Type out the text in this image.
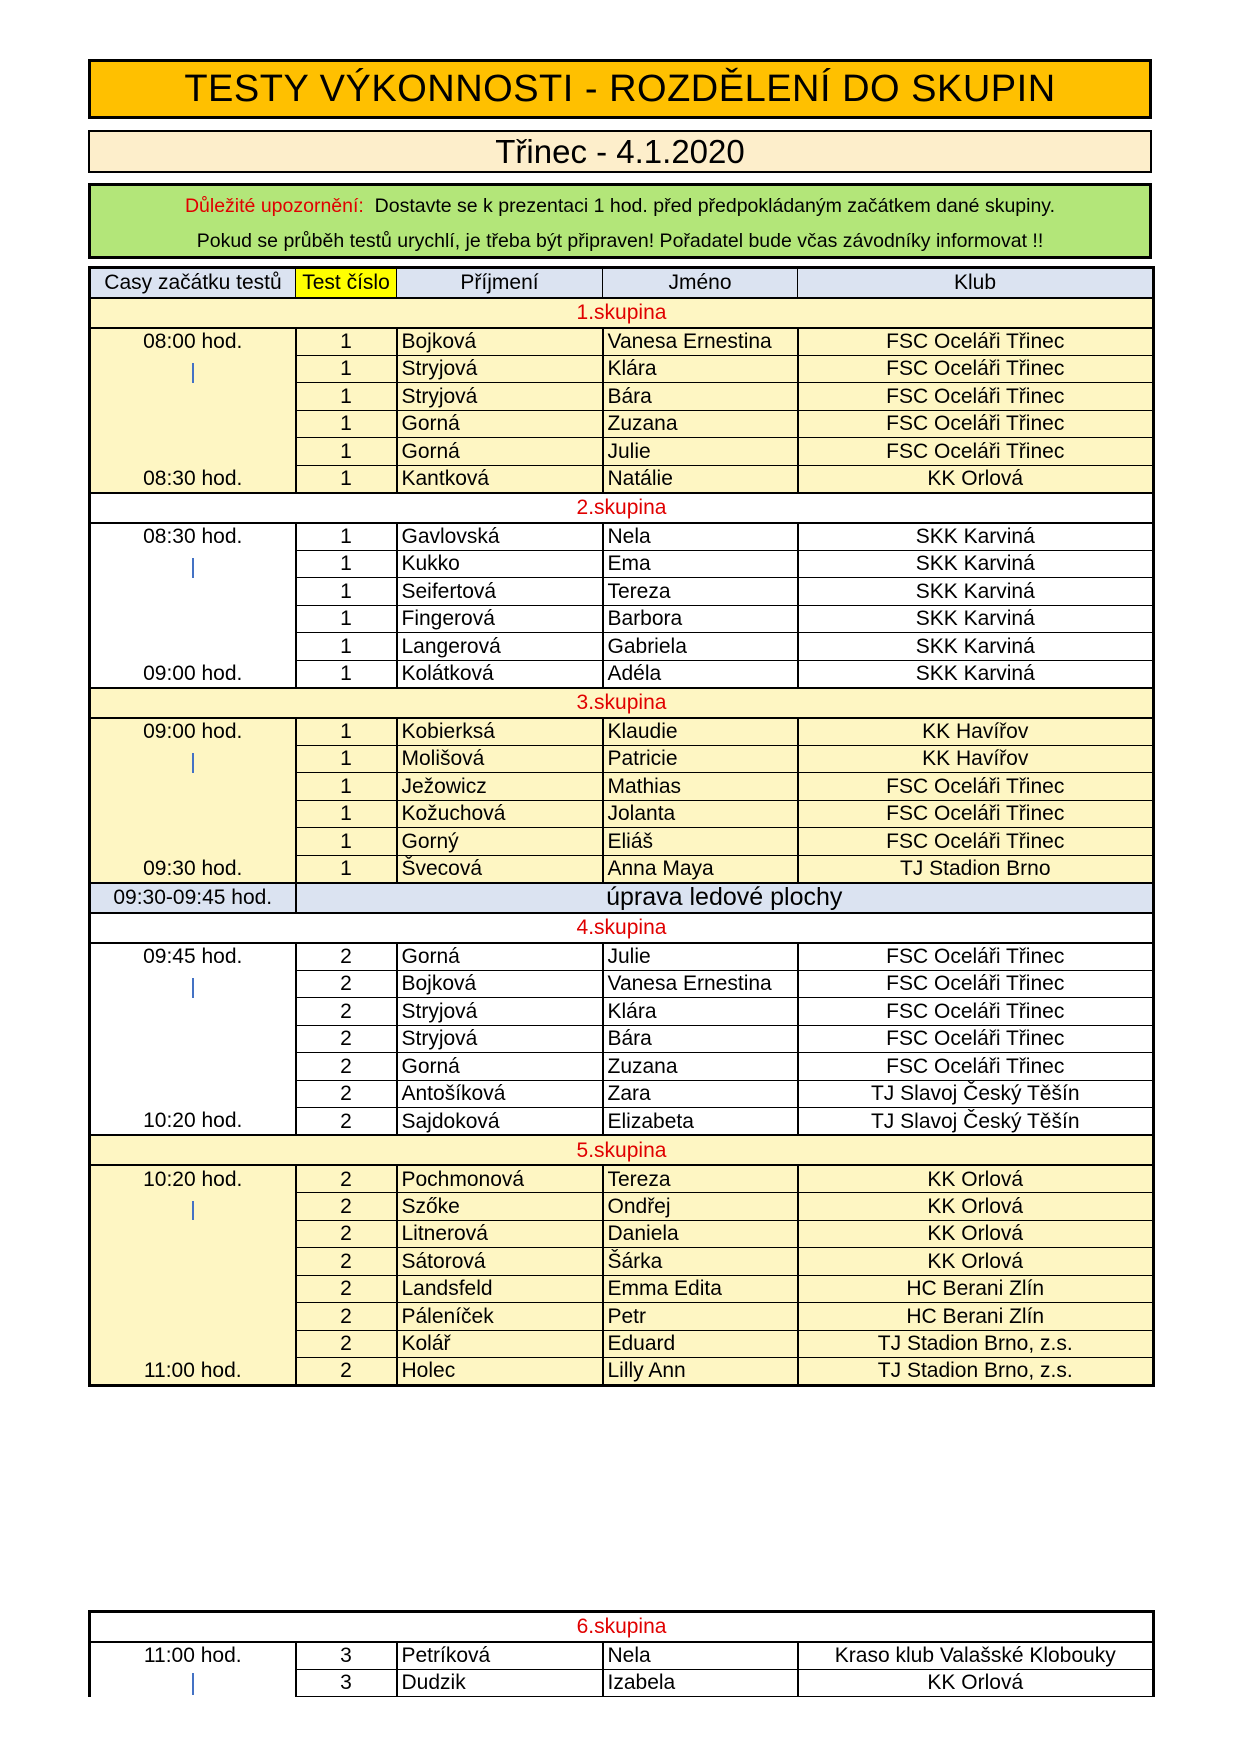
TESTY VÝKONNOSTI - ROZDĚLENÍ DO SKUPIN
Třinec - 4.1.2020
Důležité upozornění: Dostavte se k prezentaci 1 hod. před předpokládaným začátkem dané skupiny.
Pokud se průběh testů urychlí, je třeba být připraven! Pořadatel bude včas závodníky informovat !!
Casy začátku testů	Test číslo	Příjmení	Jméno	Klub
1.skupina				
08:00 hod.	1	Bojková	Vanesa Ernestina	FSC Oceláři Třinec

	1	Stryjová	Klára	FSC Oceláři Třinec
	1	Stryjová	Bára	FSC Oceláři Třinec
	1	Gorná	Zuzana	FSC Oceláři Třinec
	1	Gorná	Julie	FSC Oceláři Třinec
08:30 hod.	1	Kantková	Natálie	KK Orlová
2.skupina				
08:30 hod.	1	Gavlovská	Nela	SKK Karviná

	1	Kukko	Ema	SKK Karviná
	1	Seifertová	Tereza	SKK Karviná
	1	Fingerová	Barbora	SKK Karviná
	1	Langerová	Gabriela	SKK Karviná
09:00 hod.	1	Kolátková	Adéla	SKK Karviná
3.skupina				
09:00 hod.	1	Kobierksá	Klaudie	KK Havířov

	1	Molišová	Patricie	KK Havířov
	1	Ježowicz	Mathias	FSC Oceláři Třinec
	1	Kožuchová	Jolanta	FSC Oceláři Třinec
	1	Gorný	Eliáš	FSC Oceláři Třinec
09:30 hod.	1	Švecová	Anna Maya	TJ Stadion Brno
09:30-09:45 hod.	úprava ledové plochy			
4.skupina				
09:45 hod.	2	Gorná	Julie	FSC Oceláři Třinec

	2	Bojková	Vanesa Ernestina	FSC Oceláři Třinec
	2	Stryjová	Klára	FSC Oceláři Třinec
	2	Stryjová	Bára	FSC Oceláři Třinec
	2	Gorná	Zuzana	FSC Oceláři Třinec
	2	Antošíková	Zara	TJ Slavoj Český Těšín
10:20 hod.	2	Sajdoková	Elizabeta	TJ Slavoj Český Těšín
5.skupina				
10:20 hod.	2	Pochmonová	Tereza	KK Orlová

	2	Szőke	Ondřej	KK Orlová
	2	Litnerová	Daniela	KK Orlová
	2	Sátorová	Šárka	KK Orlová
	2	Landsfeld	Emma Edita	HC Berani Zlín
	2	Páleníček	Petr	HC Berani Zlín
	2	Kolář	Eduard	TJ Stadion Brno, z.s.
11:00 hod.	2	Holec	Lilly Ann	TJ Stadion Brno, z.s.
6.skupina				
11:00 hod.	3	Petríková	Nela	Kraso klub Valašské Klobouky

	3	Dudzik	Izabela	KK Orlová
